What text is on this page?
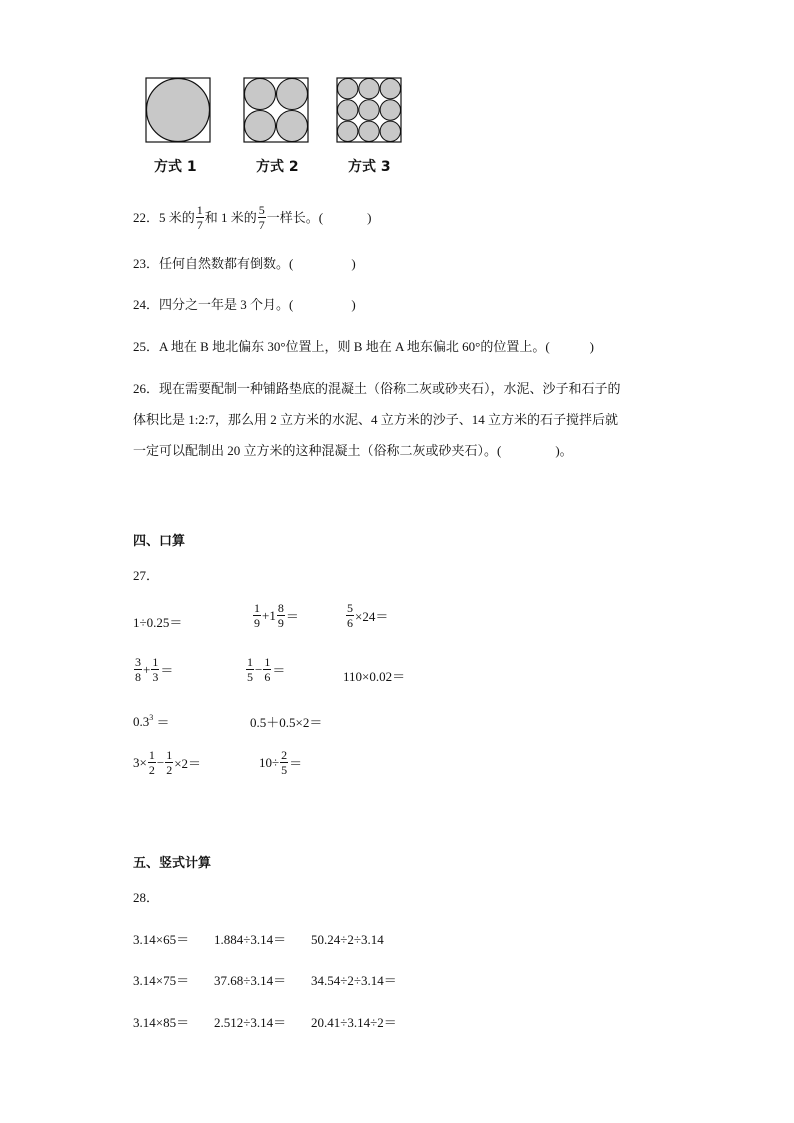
方式 1	方式 2	方式 3
22． 5 米的 $\frac{1}{7}$ 和 1 米的 $\frac{5}{7}$ 一样长。(	)
23．任何自然数都有倒数。(	)
24．四分之一年是 3 个月。(	)
25．A 地在 B 地北偏东 30°位置上，则 B 地在 A 地东偏北 60°的位置上。(	)
26．现在需要配制一种铺路垫底的混凝土（俗称二灰或砂夹石），水泥、沙子和石子的
体积比是 1:2:7，那么用 2 立方米的水泥、4 立方米的沙子、14 立方米的石子搅拌后就
一定可以配制出 20 立方米的这种混凝土（俗称二灰或砂夹石）。(	)。
四、口算
27．
1÷0.25＝	$\frac{1}{9} +1 \frac{8}{9}$ ＝	$\frac{5}{6} \times 24=$
$\frac{3}{8} + \frac{1}{3}$ ＝	$\frac{1}{5} - \frac{1}{6}$ ＝	110×0.02＝
$0.3^3$ ＝	0.5＋0.5×2＝
$3\times \frac{1}{2} - \frac{1}{2} \times 2=$	$10\div \frac{2}{5}$ ＝
五、竖式计算
28．
3.14×65＝ 1.884÷3.14＝ 50.24÷2÷3.14
3.14×75＝ 37.68÷3.14＝ 34.54÷2÷3.14＝
3.14×85＝ 2.512÷3.14＝ 20.41÷3.14÷2＝
